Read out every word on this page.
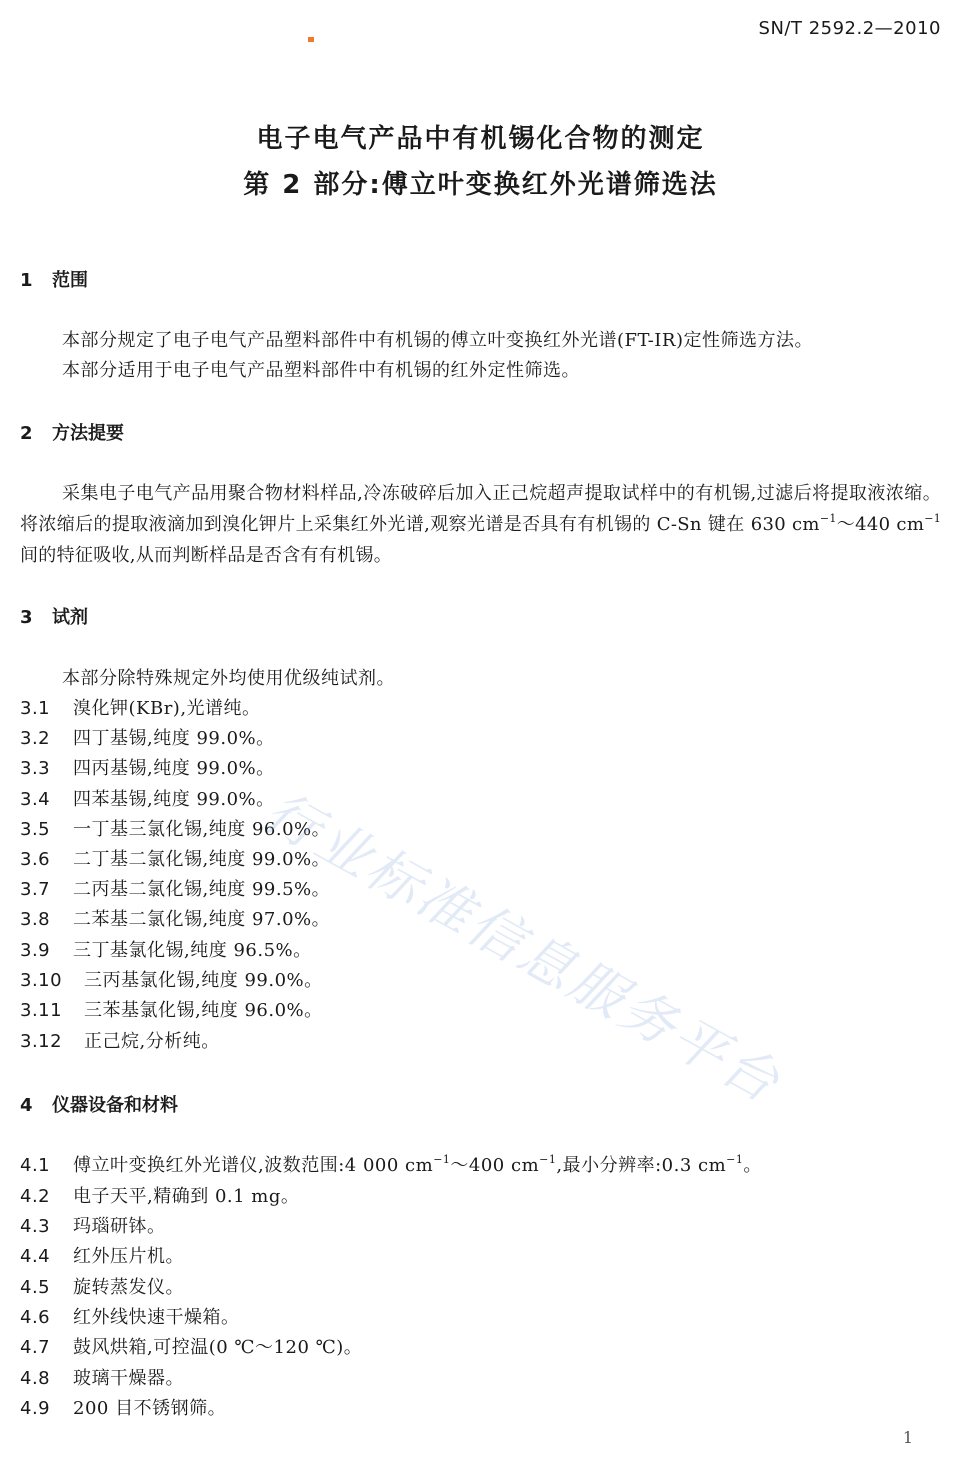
SN/T 2592.2—2010
电子电气产品中有机锡化合物的测定
第 2 部分:傅立叶变换红外光谱筛选法
1 范围
本部分规定了电子电气产品塑料部件中有机锡的傅立叶变换红外光谱(FT-IR)定性筛选方法。
本部分适用于电子电气产品塑料部件中有机锡的红外定性筛选。
2 方法提要
采集电子电气产品用聚合物材料样品,冷冻破碎后加入正己烷超声提取试样中的有机锡,过滤后将提取液浓缩。将浓缩后的提取液滴加到溴化钾片上采集红外光谱,观察光谱是否具有有机锡的 C-Sn 键在 630 $cm^{-1}\sim 440$ $cm^{-1}$间的特征吸收,从而判断样品是否含有有机锡。
3 试剂
本部分除特殊规定外均使用优级纯试剂。
3.1 溴化钾(KBr),光谱纯。
3.2 四丁基锡,纯度 99.0%。
3.3 四丙基锡,纯度 99.0%。
3.4 四苯基锡,纯度 99.0%。
3.5 一丁基三氯化锡,纯度 96.0%。
3.6 二丁基二氯化锡,纯度 99.0%。
3.7 二丙基二氯化锡,纯度 99.5%。
3.8 二苯基二氯化锡,纯度 97.0%。
3.9 三丁基氯化锡,纯度 96.5%。
3.10 三丙基氯化锡,纯度 99.0%。
3.11 三苯基氯化锡,纯度 96.0%。
3.12 正己烷,分析纯。
4 仪器设备和材料
4.1 傅立叶变换红外光谱仪,波数范围:4 000 $cm^{-1}\sim 400$ $cm^{-1}$,最小分辨率:0.3 $cm^{-1}$。
4.2 电子天平,精确到 0.1 mg。
4.3 玛瑙研钵。
4.4 红外压片机。
4.5 旋转蒸发仪。
4.6 红外线快速干燥箱。
4.7 鼓风烘箱,可控温(0 ℃～120 ℃)。
4.8 玻璃干燥器。
4.9 200 目不锈钢筛。
行业标准信息服务平台
1
